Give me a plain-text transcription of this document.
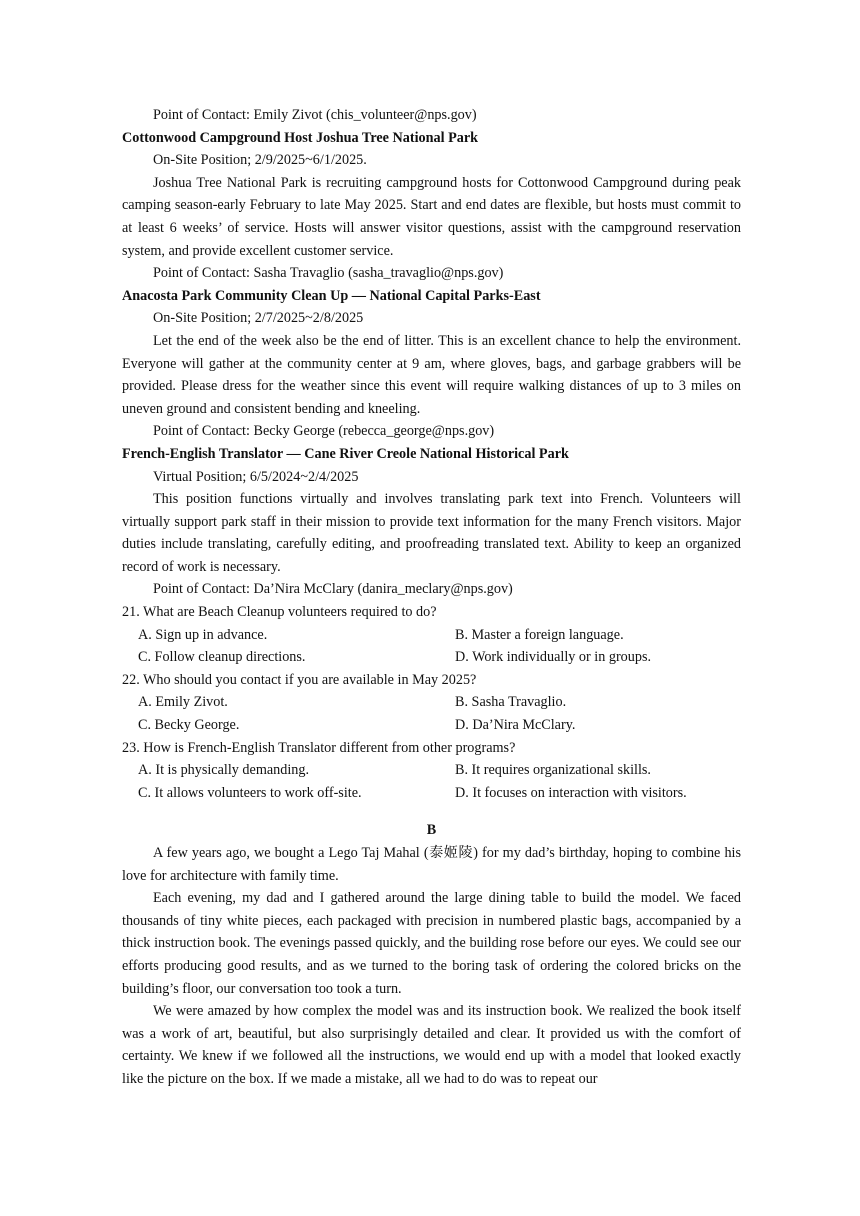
Point of Contact: Emily Zivot (chis_volunteer@nps.gov)
Cottonwood Campground Host Joshua Tree National Park
On-Site Position; 2/9/2025~6/1/2025.

Joshua Tree National Park is recruiting campground hosts for Cottonwood Campground during peak camping season-early February to late May 2025. Start and end dates are flexible, but hosts must commit to at least 6 weeks’ of service. Hosts will answer visitor questions, assist with the campground reservation system, and provide excellent customer service.

Point of Contact: Sasha Travaglio (sasha_travaglio@nps.gov)
Anacosta Park Community Clean Up — National Capital Parks-East
On-Site Position; 2/7/2025~2/8/2025

Let the end of the week also be the end of litter. This is an excellent chance to help the environment. Everyone will gather at the community center at 9 am, where gloves, bags, and garbage grabbers will be provided. Please dress for the weather since this event will require walking distances of up to 3 miles on uneven ground and consistent bending and kneeling.

Point of Contact: Becky George (rebecca_george@nps.gov)
French-English Translator — Cane River Creole National Historical Park
Virtual Position; 6/5/2024~2/4/2025

This position functions virtually and involves translating park text into French. Volunteers will virtually support park staff in their mission to provide text information for the many French visitors. Major duties include translating, carefully editing, and proofreading translated text. Ability to keep an organized record of work is necessary.

Point of Contact: Da’Nira McClary (danira_meclary@nps.gov)
21. What are Beach Cleanup volunteers required to do?
A. Sign up in advance.	B. Master a foreign language.
C. Follow cleanup directions.	D. Work individually or in groups.
22. Who should you contact if you are available in May 2025?
A. Emily Zivot.	B. Sasha Travaglio.
C. Becky George.	D. Da’Nira McClary.
23. How is French-English Translator different from other programs?
A. It is physically demanding.	B. It requires organizational skills.
C. It allows volunteers to work off-site.	D. It focuses on interaction with visitors.
B

A few years ago, we bought a Lego Taj Mahal (泰姬陵) for my dad’s birthday, hoping to combine his love for architecture with family time.

Each evening, my dad and I gathered around the large dining table to build the model. We faced thousands of tiny white pieces, each packaged with precision in numbered plastic bags, accompanied by a thick instruction book. The evenings passed quickly, and the building rose before our eyes. We could see our efforts producing good results, and as we turned to the boring task of ordering the colored bricks on the building’s floor, our conversation too took a turn.

We were amazed by how complex the model was and its instruction book. We realized the book itself was a work of art, beautiful, but also surprisingly detailed and clear. It provided us with the comfort of certainty. We knew if we followed all the instructions, we would end up with a model that looked exactly like the picture on the box. If we made a mistake, all we had to do was to repeat our
